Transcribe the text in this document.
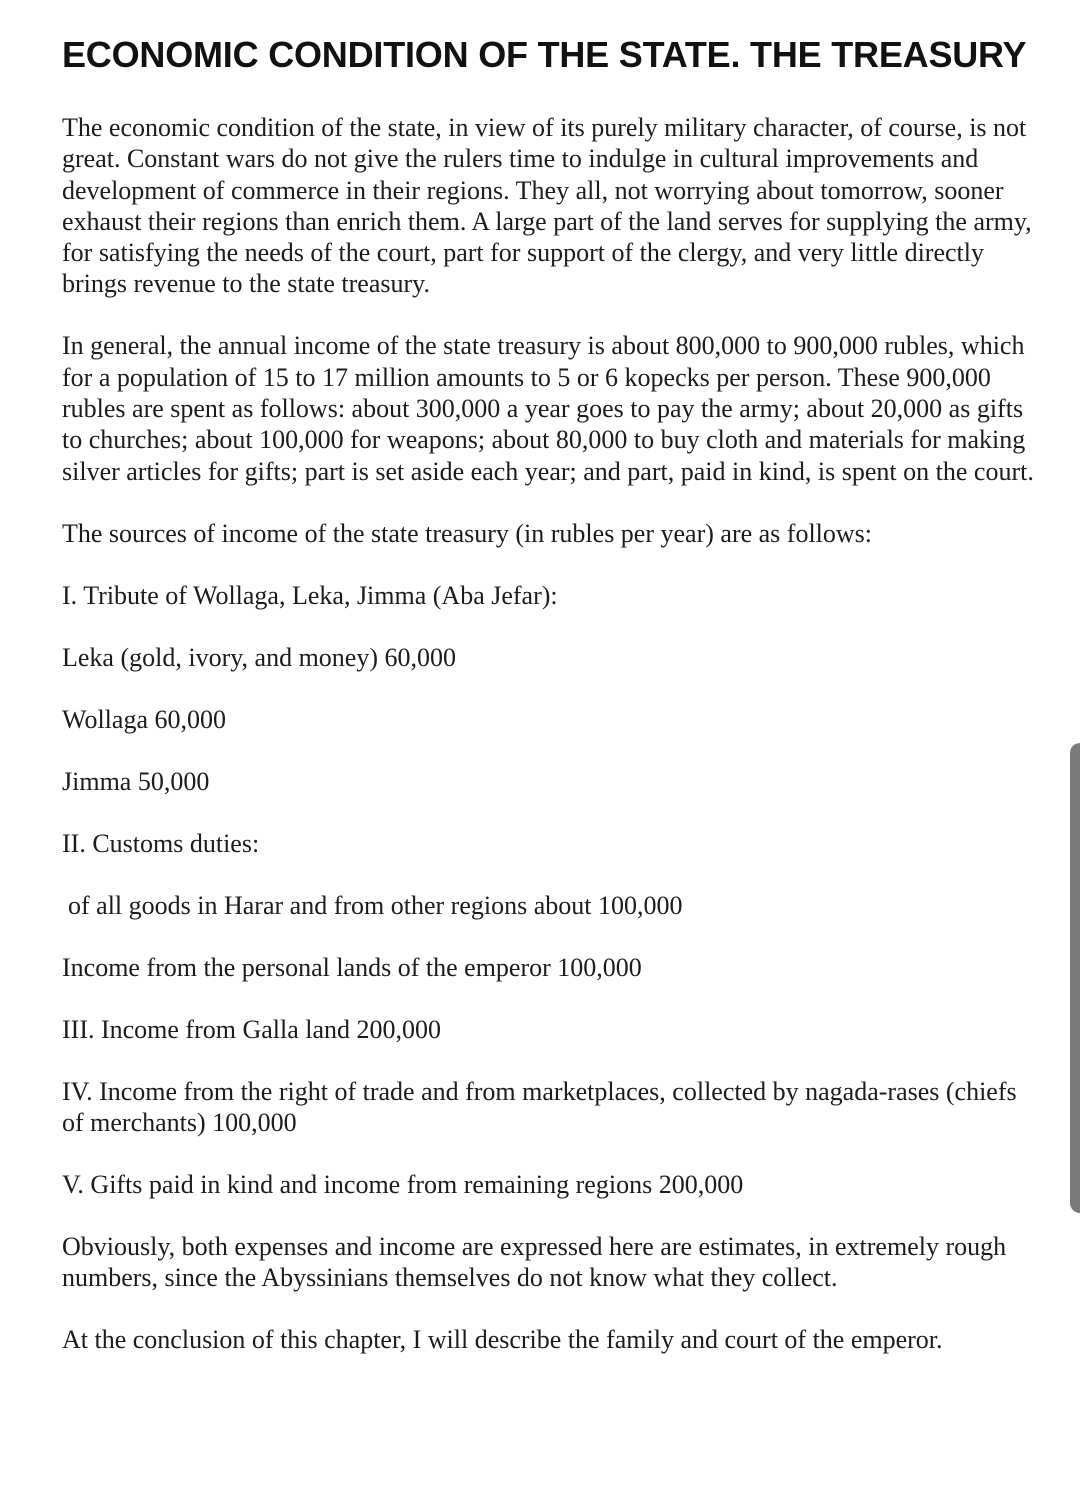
ECONOMIC CONDITION OF THE STATE. THE TREASURY

The economic condition of the state, in view of its purely military character, of course, is not great. Constant wars do not give the rulers time to indulge in cultural improvements and development of commerce in their regions. They all, not worrying about tomorrow, sooner exhaust their regions than enrich them. A large part of the land serves for supplying the army, for satisfying the needs of the court, part for support of the clergy, and very little directly brings revenue to the state treasury.

In general, the annual income of the state treasury is about 800,000 to 900,000 rubles, which for a population of 15 to 17 million amounts to 5 or 6 kopecks per person. These 900,000 rubles are spent as follows: about 300,000 a year goes to pay the army; about 20,000 as gifts to churches; about 100,000 for weapons; about 80,000 to buy cloth and materials for making silver articles for gifts; part is set aside each year; and part, paid in kind, is spent on the court.

The sources of income of the state treasury (in rubles per year) are as follows:

I. Tribute of Wollaga, Leka, Jimma (Aba Jefar):

Leka (gold, ivory, and money) 60,000

Wollaga 60,000

Jimma 50,000

II. Customs duties:

of all goods in Harar and from other regions about 100,000

Income from the personal lands of the emperor 100,000

III. Income from Galla land 200,000

IV. Income from the right of trade and from marketplaces, collected by nagada-rases (chiefs of merchants) 100,000

V. Gifts paid in kind and income from remaining regions 200,000

Obviously, both expenses and income are expressed here are estimates, in extremely rough numbers, since the Abyssinians themselves do not know what they collect.

At the conclusion of this chapter, I will describe the family and court of the emperor.
